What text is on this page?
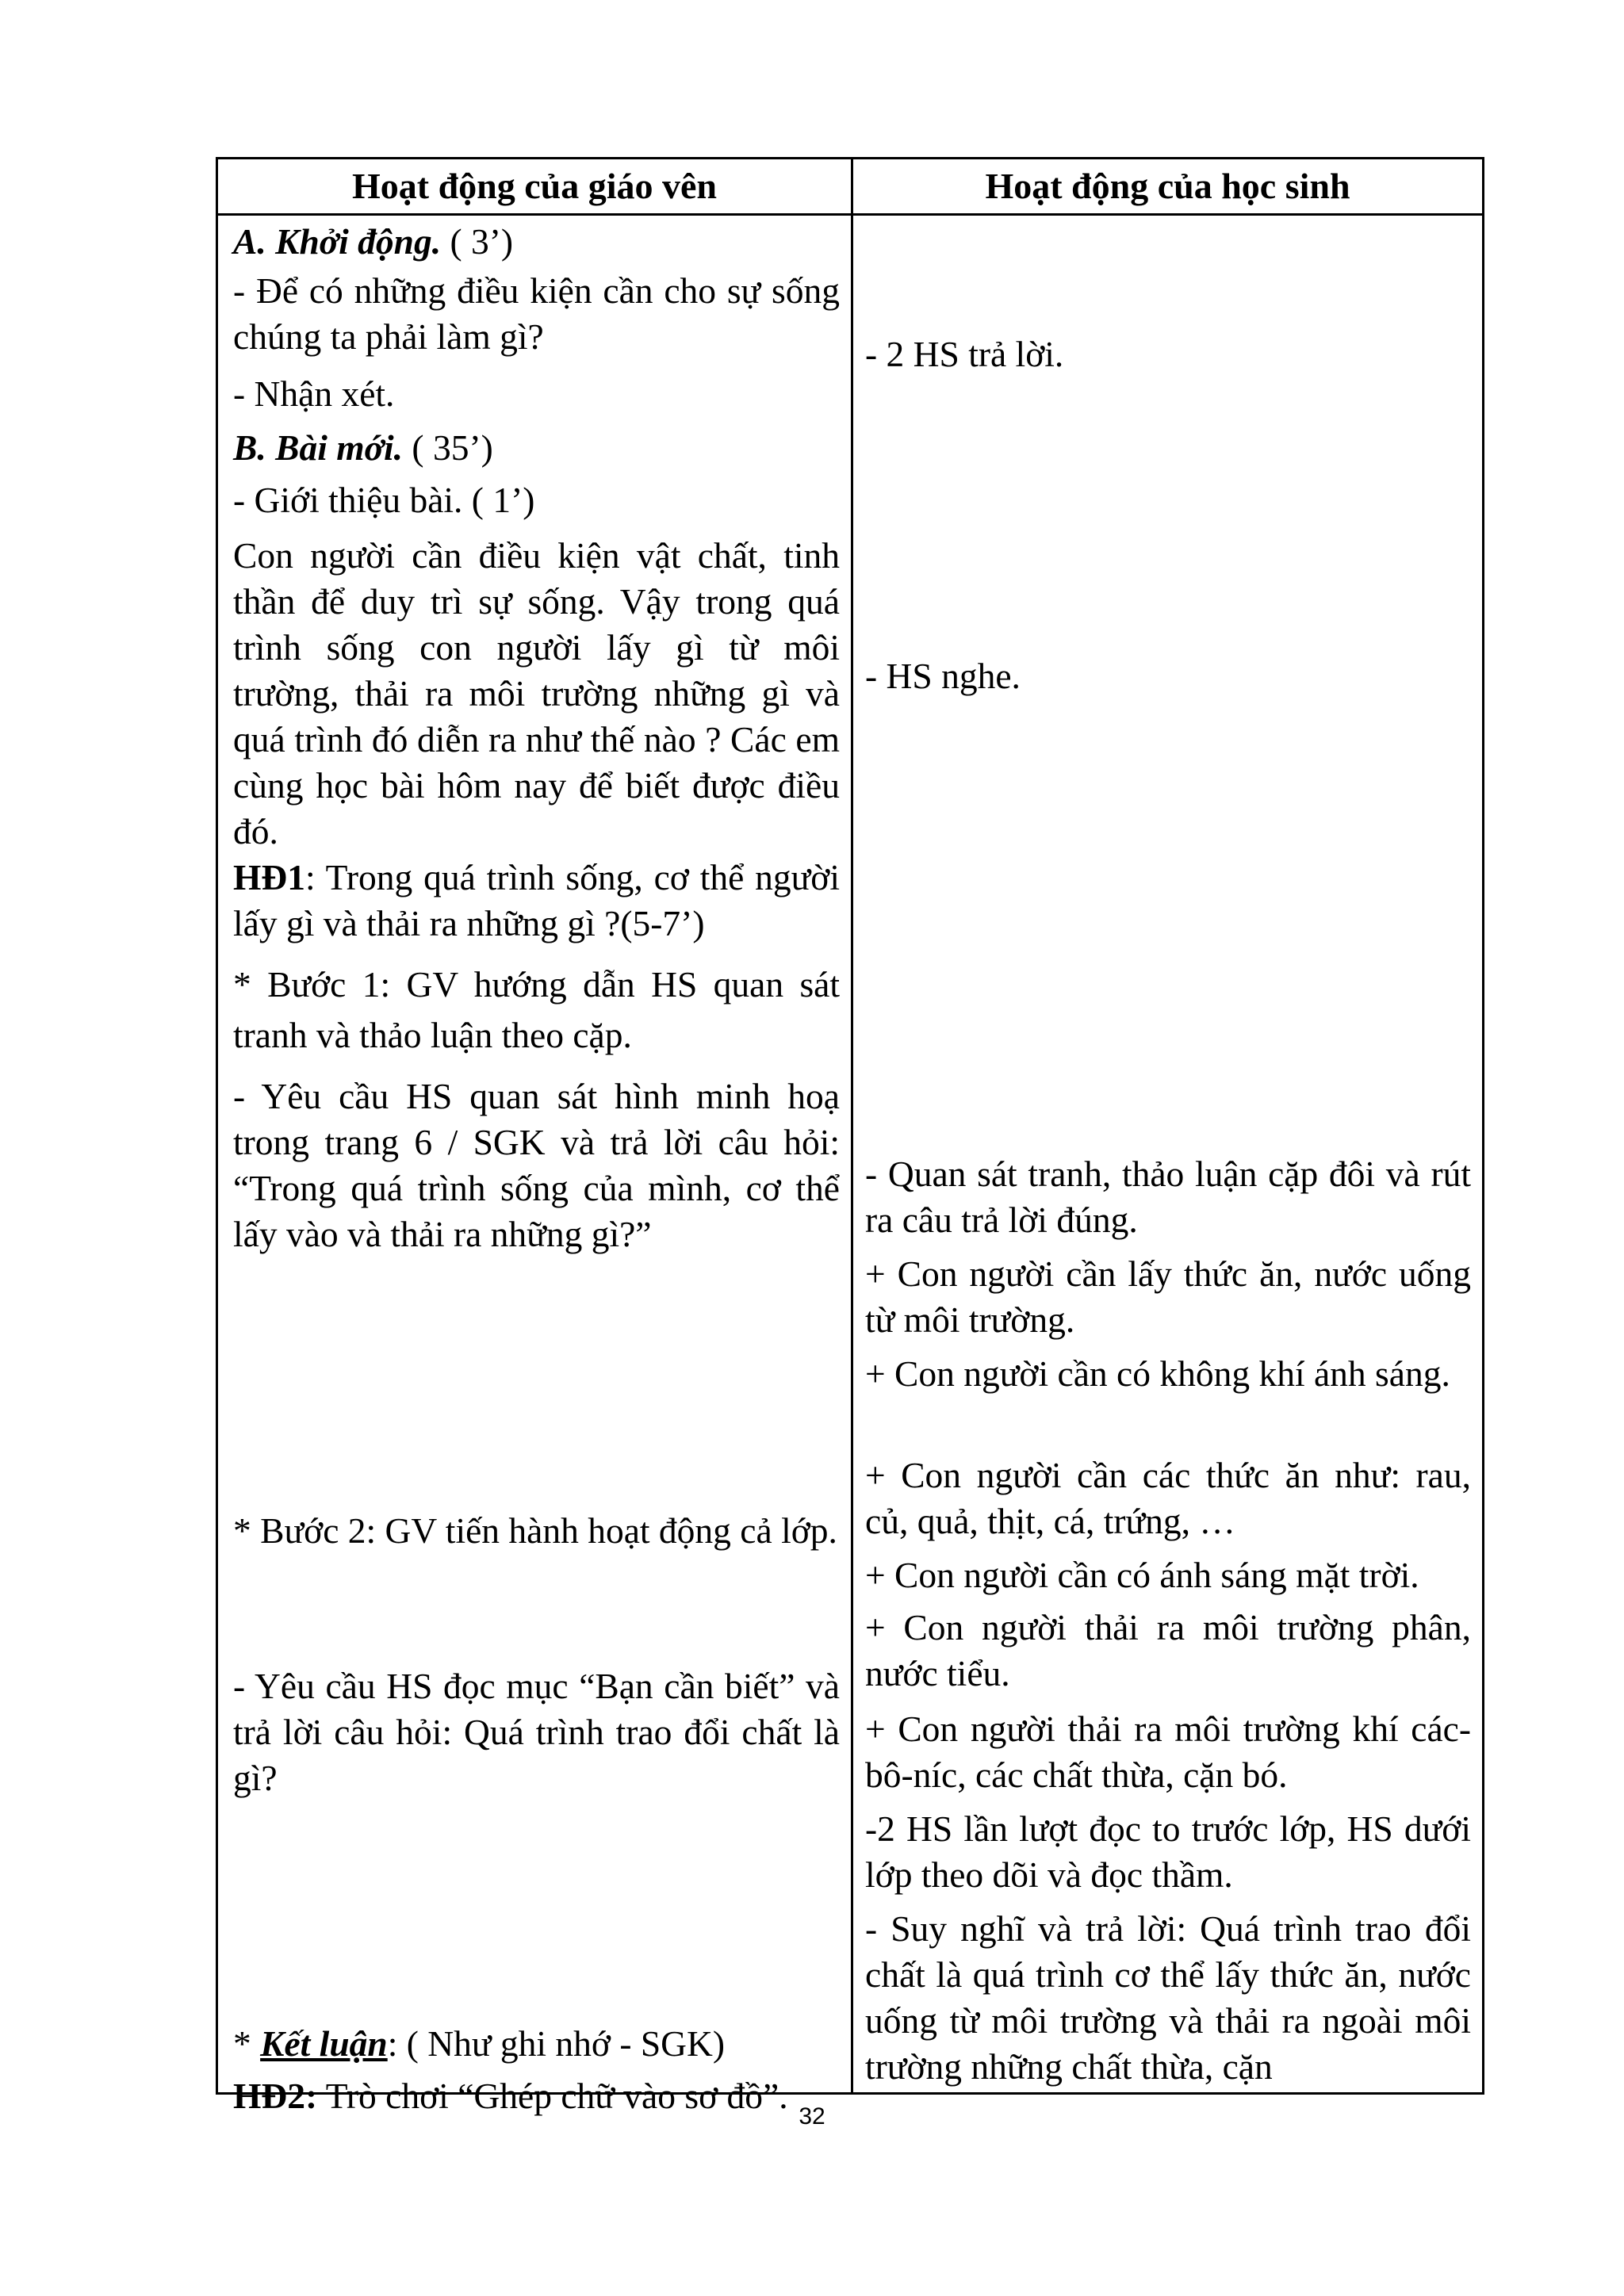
Hoạt động của giáo vên	Hoạt động của học sinh
A. Khởi động. ( 3’)
- Để có những điều kiện cần cho sự sống chúng ta phải làm gì?
- Nhận xét.
B. Bài mới. ( 35’)
- Giới thiệu bài. ( 1’)
Con người cần điều kiện vật chất, tinh thần để duy trì sự sống. Vậy trong quá trình sống con người lấy gì từ môi trường, thải ra môi trường những gì và quá trình đó diễn ra như thế nào ? Các em cùng học bài hôm nay để biết được điều đó.
HĐ1: Trong quá trình sống, cơ thể người lấy gì và thải ra những gì ?(5-7’)
* Bước 1: GV hướng dẫn HS quan sát tranh và thảo luận theo cặp.
- Yêu cầu HS quan sát hình minh hoạ trong trang 6 / SGK và trả lời câu hỏi: “Trong quá trình sống của mình, cơ thể lấy vào và thải ra những gì?”
* Bước 2: GV tiến hành hoạt động cả lớp.
- Yêu cầu HS đọc mục “Bạn cần biết” và trả lời câu hỏi: Quá trình trao đổi chất là gì?
* Kết luận: ( Như ghi nhớ - SGK)
HĐ2: Trò chơi “Ghép chữ vào sơ đồ”.
- 2 HS trả lời.
- HS nghe.
- Quan sát tranh, thảo luận cặp đôi và rút ra câu trả lời đúng.
+ Con người cần lấy thức ăn, nước uống từ môi trường.
+ Con người cần có không khí ánh sáng.
+ Con người cần các thức ăn như: rau, củ, quả, thịt, cá, trứng, …
+ Con người cần có ánh sáng mặt trời.
+ Con người thải ra môi trường phân, nước tiểu.
+ Con người thải ra môi trường khí các-bô-níc, các chất thừa, cặn bó.
-2 HS lần lượt đọc to trước lớp, HS dưới lớp theo dõi và đọc thầm.
- Suy nghĩ và trả lời: Quá trình trao đổi chất là quá trình cơ thể lấy thức ăn, nước uống từ môi trường và thải ra ngoài môi trường những chất thừa, cặn
32
